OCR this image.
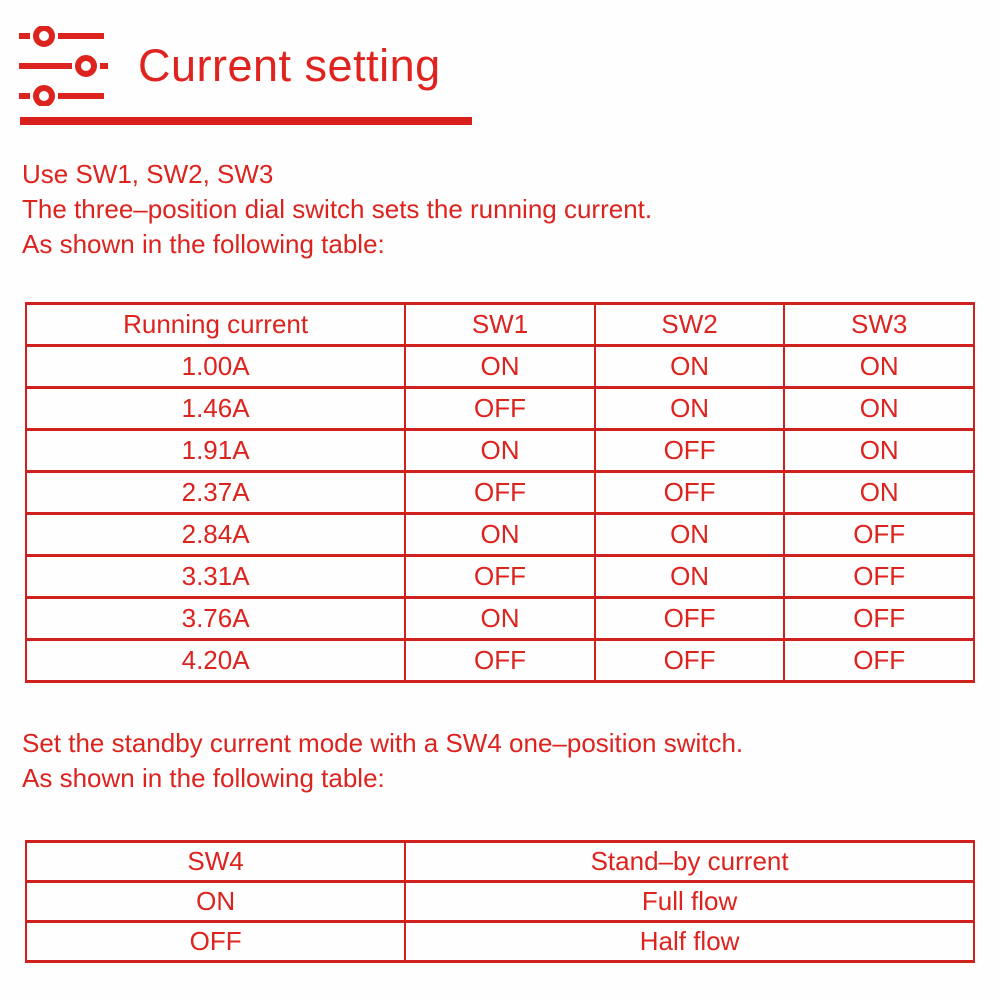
Current setting
Use SW1, SW2, SW3
The three–position dial switch sets the running current.
As shown in the following table:
Running current	SW1	SW2	SW3
1.00A	ON	ON	ON
1.46A	OFF	ON	ON
1.91A	ON	OFF	ON
2.37A	OFF	OFF	ON
2.84A	ON	ON	OFF
3.31A	OFF	ON	OFF
3.76A	ON	OFF	OFF
4.20A	OFF	OFF	OFF
Set the standby current mode with a SW4 one–position switch.
As shown in the following table:
SW4	Stand–by current
ON	Full flow
OFF	Half flow
